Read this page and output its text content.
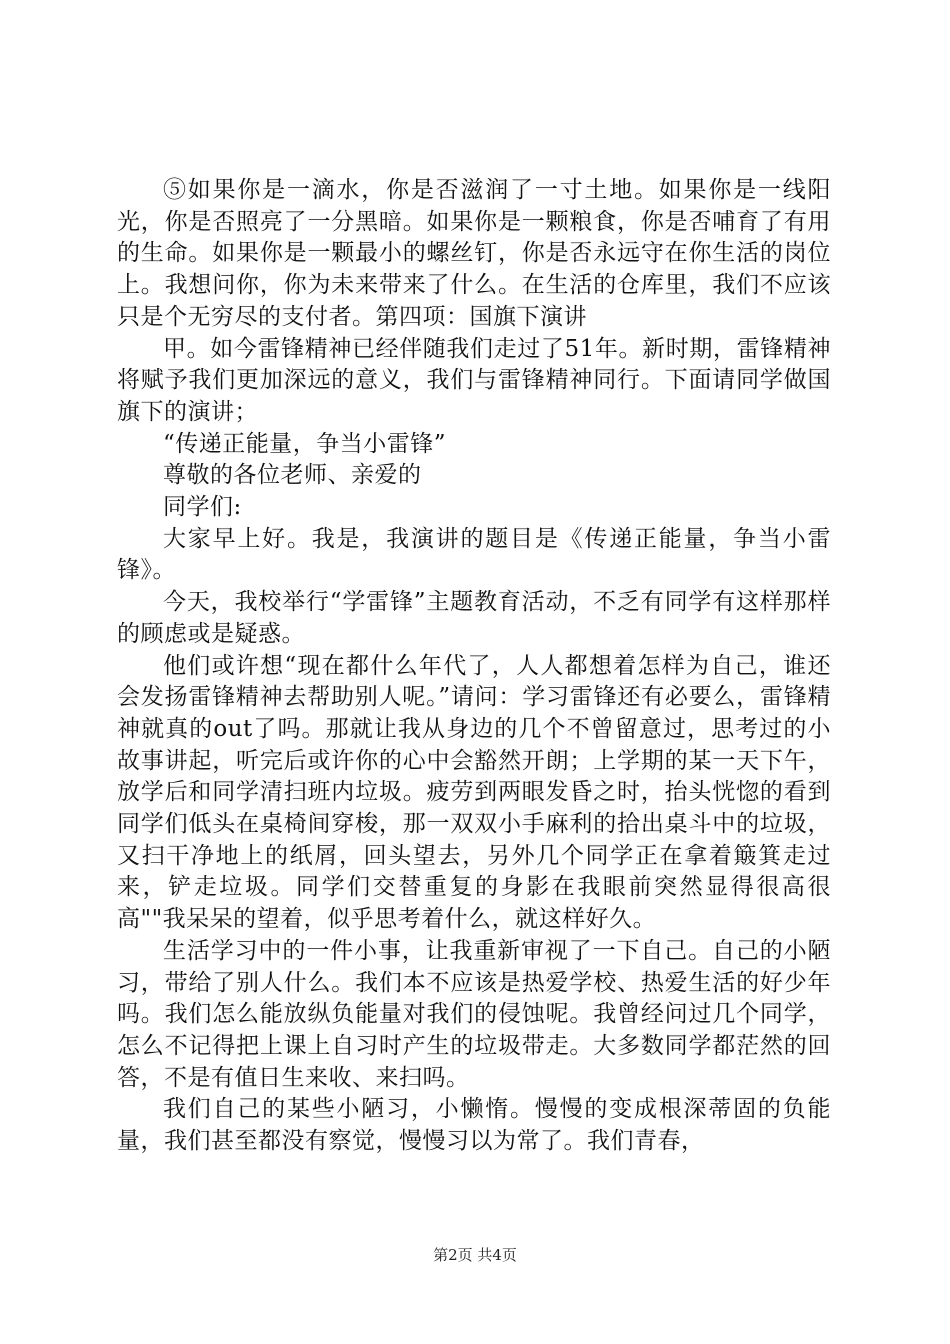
⑤如果你是一滴水，你是否滋润了一寸土地。如果你是一线阳光，你是否照亮了一分黑暗。如果你是一颗粮食，你是否哺育了有用的生命。如果你是一颗最小的螺丝钉，你是否永远守在你生活的岗位上。我想问你，你为未来带来了什么。在生活的仓库里，我们不应该只是个无穷尽的支付者。第四项：国旗下演讲

甲。如今雷锋精神已经伴随我们走过了51年。新时期，雷锋精神将赋予我们更加深远的意义，我们与雷锋精神同行。下面请同学做国旗下的演讲；

“传递正能量，争当小雷锋”

尊敬的各位老师、亲爱的

同学们:

大家早上好。我是，我演讲的题目是《传递正能量，争当小雷锋》。

今天，我校举行“学雷锋”主题教育活动，不乏有同学有这样那样的顾虑或是疑惑。

他们或许想“现在都什么年代了，人人都想着怎样为自己，谁还会发扬雷锋精神去帮助别人呢。”请问：学习雷锋还有必要么，雷锋精神就真的out了吗。那就让我从身边的几个不曾留意过，思考过的小故事讲起，听完后或许你的心中会豁然开朗；上学期的某一天下午，放学后和同学清扫班内垃圾。疲劳到两眼发昏之时，抬头恍惚的看到同学们低头在桌椅间穿梭，那一双双小手麻利的拾出桌斗中的垃圾，又扫干净地上的纸屑，回头望去，另外几个同学正在拿着簸箕走过来，铲走垃圾。同学们交替重复的身影在我眼前突然显得很高很高""我呆呆的望着，似乎思考着什么，就这样好久。

生活学习中的一件小事，让我重新审视了一下自己。自己的小陋习，带给了别人什么。我们本不应该是热爱学校、热爱生活的好少年吗。我们怎么能放纵负能量对我们的侵蚀呢。我曾经问过几个同学，怎么不记得把上课上自习时产生的垃圾带走。大多数同学都茫然的回答，不是有值日生来收、来扫吗。

我们自己的某些小陋习，小懒惰。慢慢的变成根深蒂固的负能量，我们甚至都没有察觉，慢慢习以为常了。我们青春，

第2页 共4页
